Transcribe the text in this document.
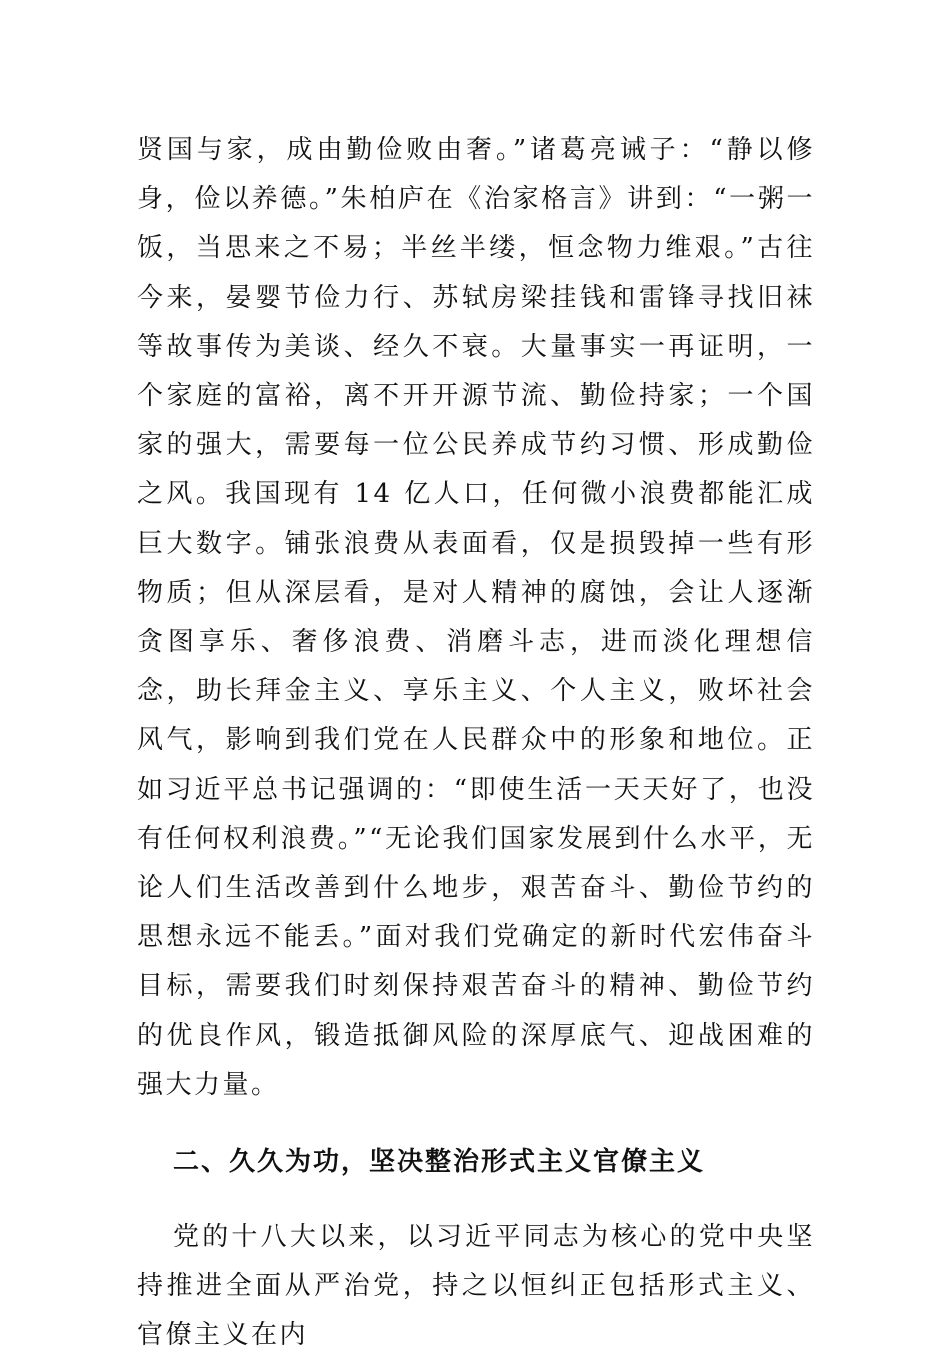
贤国与家，成由勤俭败由奢。”诸葛亮诫子：“静以修身，俭以养德。”朱柏庐在《治家格言》讲到：“一粥一饭，当思来之不易；半丝半缕，恒念物力维艰。”古往今来，晏婴节俭力行、苏轼房梁挂钱和雷锋寻找旧袜等故事传为美谈、经久不衰。大量事实一再证明，一个家庭的富裕，离不开开源节流、勤俭持家；一个国家的强大，需要每一位公民养成节约习惯、形成勤俭之风。我国现有 14 亿人口，任何微小浪费都能汇成巨大数字。铺张浪费从表面看，仅是损毁掉一些有形物质；但从深层看，是对人精神的腐蚀，会让人逐渐贪图享乐、奢侈浪费、消磨斗志，进而淡化理想信念，助长拜金主义、享乐主义、个人主义，败坏社会风气，影响到我们党在人民群众中的形象和地位。正如习近平总书记强调的：“即使生活一天天好了，也没有任何权利浪费。”“无论我们国家发展到什么水平，无论人们生活改善到什么地步，艰苦奋斗、勤俭节约的思想永远不能丢。”面对我们党确定的新时代宏伟奋斗目标，需要我们时刻保持艰苦奋斗的精神、勤俭节约的优良作风，锻造抵御风险的深厚底气、迎战困难的强大力量。

二、久久为功，坚决整治形式主义官僚主义

党的十八大以来，以习近平同志为核心的党中央坚持推进全面从严治党，持之以恒纠正包括形式主义、官僚主义在内
